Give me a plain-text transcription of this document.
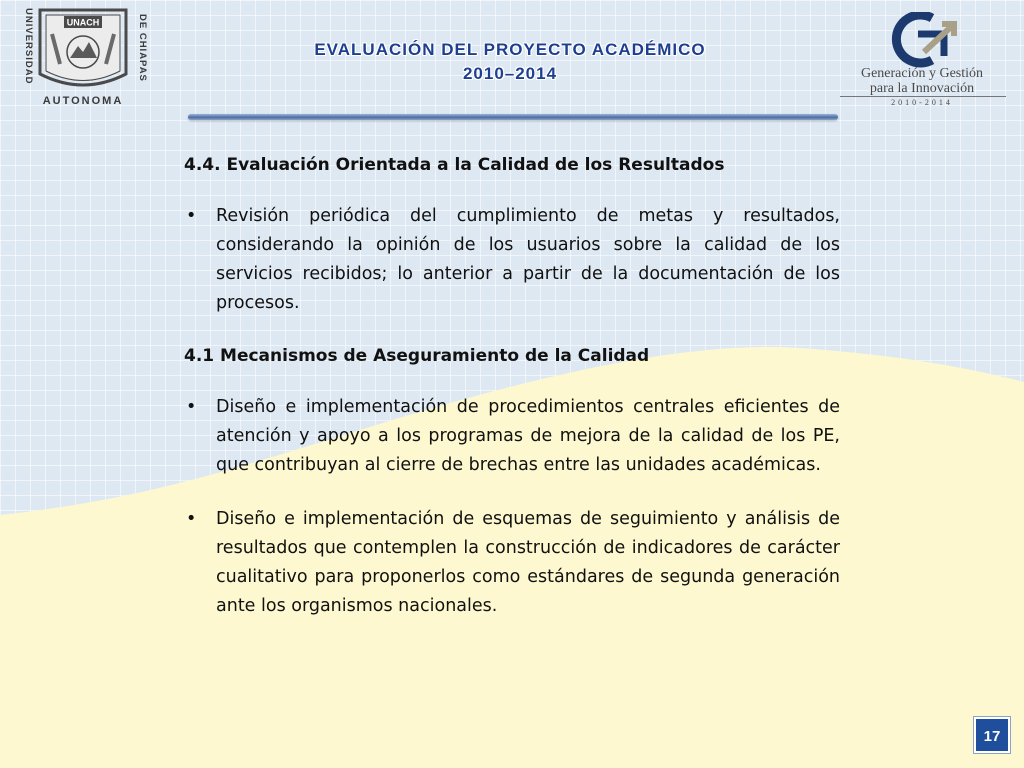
UNIVERSIDAD	DE CHIAPAS
UNACH
AUTONOMA
EVALUACIÓN DEL PROYECTO ACADÉMICO
2010–2014	Generación y Gestión
para la Innovación
2010-2014

4.4. Evaluación Orientada a la Calidad de los Resultados

• Revisión periódica del cumplimiento de metas y resultados, considerando la opinión de los usuarios sobre la calidad de los servicios recibidos; lo anterior a partir de la documentación de los procesos.

4.1 Mecanismos de Aseguramiento de la Calidad

• Diseño e implementación de procedimientos centrales eficientes de atención y apoyo a los programas de mejora de la calidad de los PE, que contribuyan al cierre de brechas entre las unidades académicas.

• Diseño e implementación de esquemas de seguimiento y análisis de resultados que contemplen la construcción de indicadores de carácter cualitativo para proponerlos como estándares de segunda generación ante los organismos nacionales.

17
